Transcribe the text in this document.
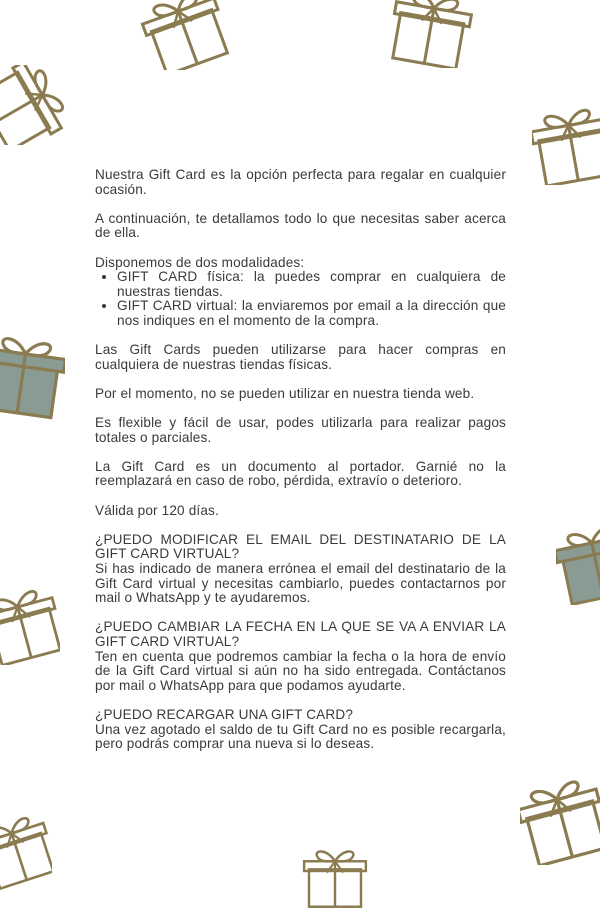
Nuestra Gift Card es la opción perfecta para regalar en cualquier ocasión.

A continuación, te detallamos todo lo que necesitas saber acerca de ella.

Disponemos de dos modalidades:
• GIFT CARD física: la puedes comprar en cualquiera de nuestras tiendas.
• GIFT CARD virtual: la enviaremos por email a la dirección que nos indiques en el momento de la compra.

Las Gift Cards pueden utilizarse para hacer compras en cualquiera de nuestras tiendas físicas.

Por el momento, no se pueden utilizar en nuestra tienda web.

Es flexible y fácil de usar, podes utilizarla para realizar pagos totales o parciales.

La Gift Card es un documento al portador. Garnié no la reemplazará en caso de robo, pérdida, extravío o deterioro.

Válida por 120 días.

¿PUEDO MODIFICAR EL EMAIL DEL DESTINATARIO DE LA GIFT CARD VIRTUAL?
Si has indicado de manera errónea el email del destinatario de la Gift Card virtual y necesitas cambiarlo, puedes contactarnos por mail o WhatsApp y te ayudaremos.
¿PUEDO CAMBIAR LA FECHA EN LA QUE SE VA A ENVIAR LA GIFT CARD VIRTUAL?
Ten en cuenta que podremos cambiar la fecha o la hora de envío de la Gift Card virtual si aún no ha sido entregada. Contáctanos por mail o WhatsApp para que podamos ayudarte.
¿PUEDO RECARGAR UNA GIFT CARD?
Una vez agotado el saldo de tu Gift Card no es posible recargarla, pero podrás comprar una nueva si lo deseas.
